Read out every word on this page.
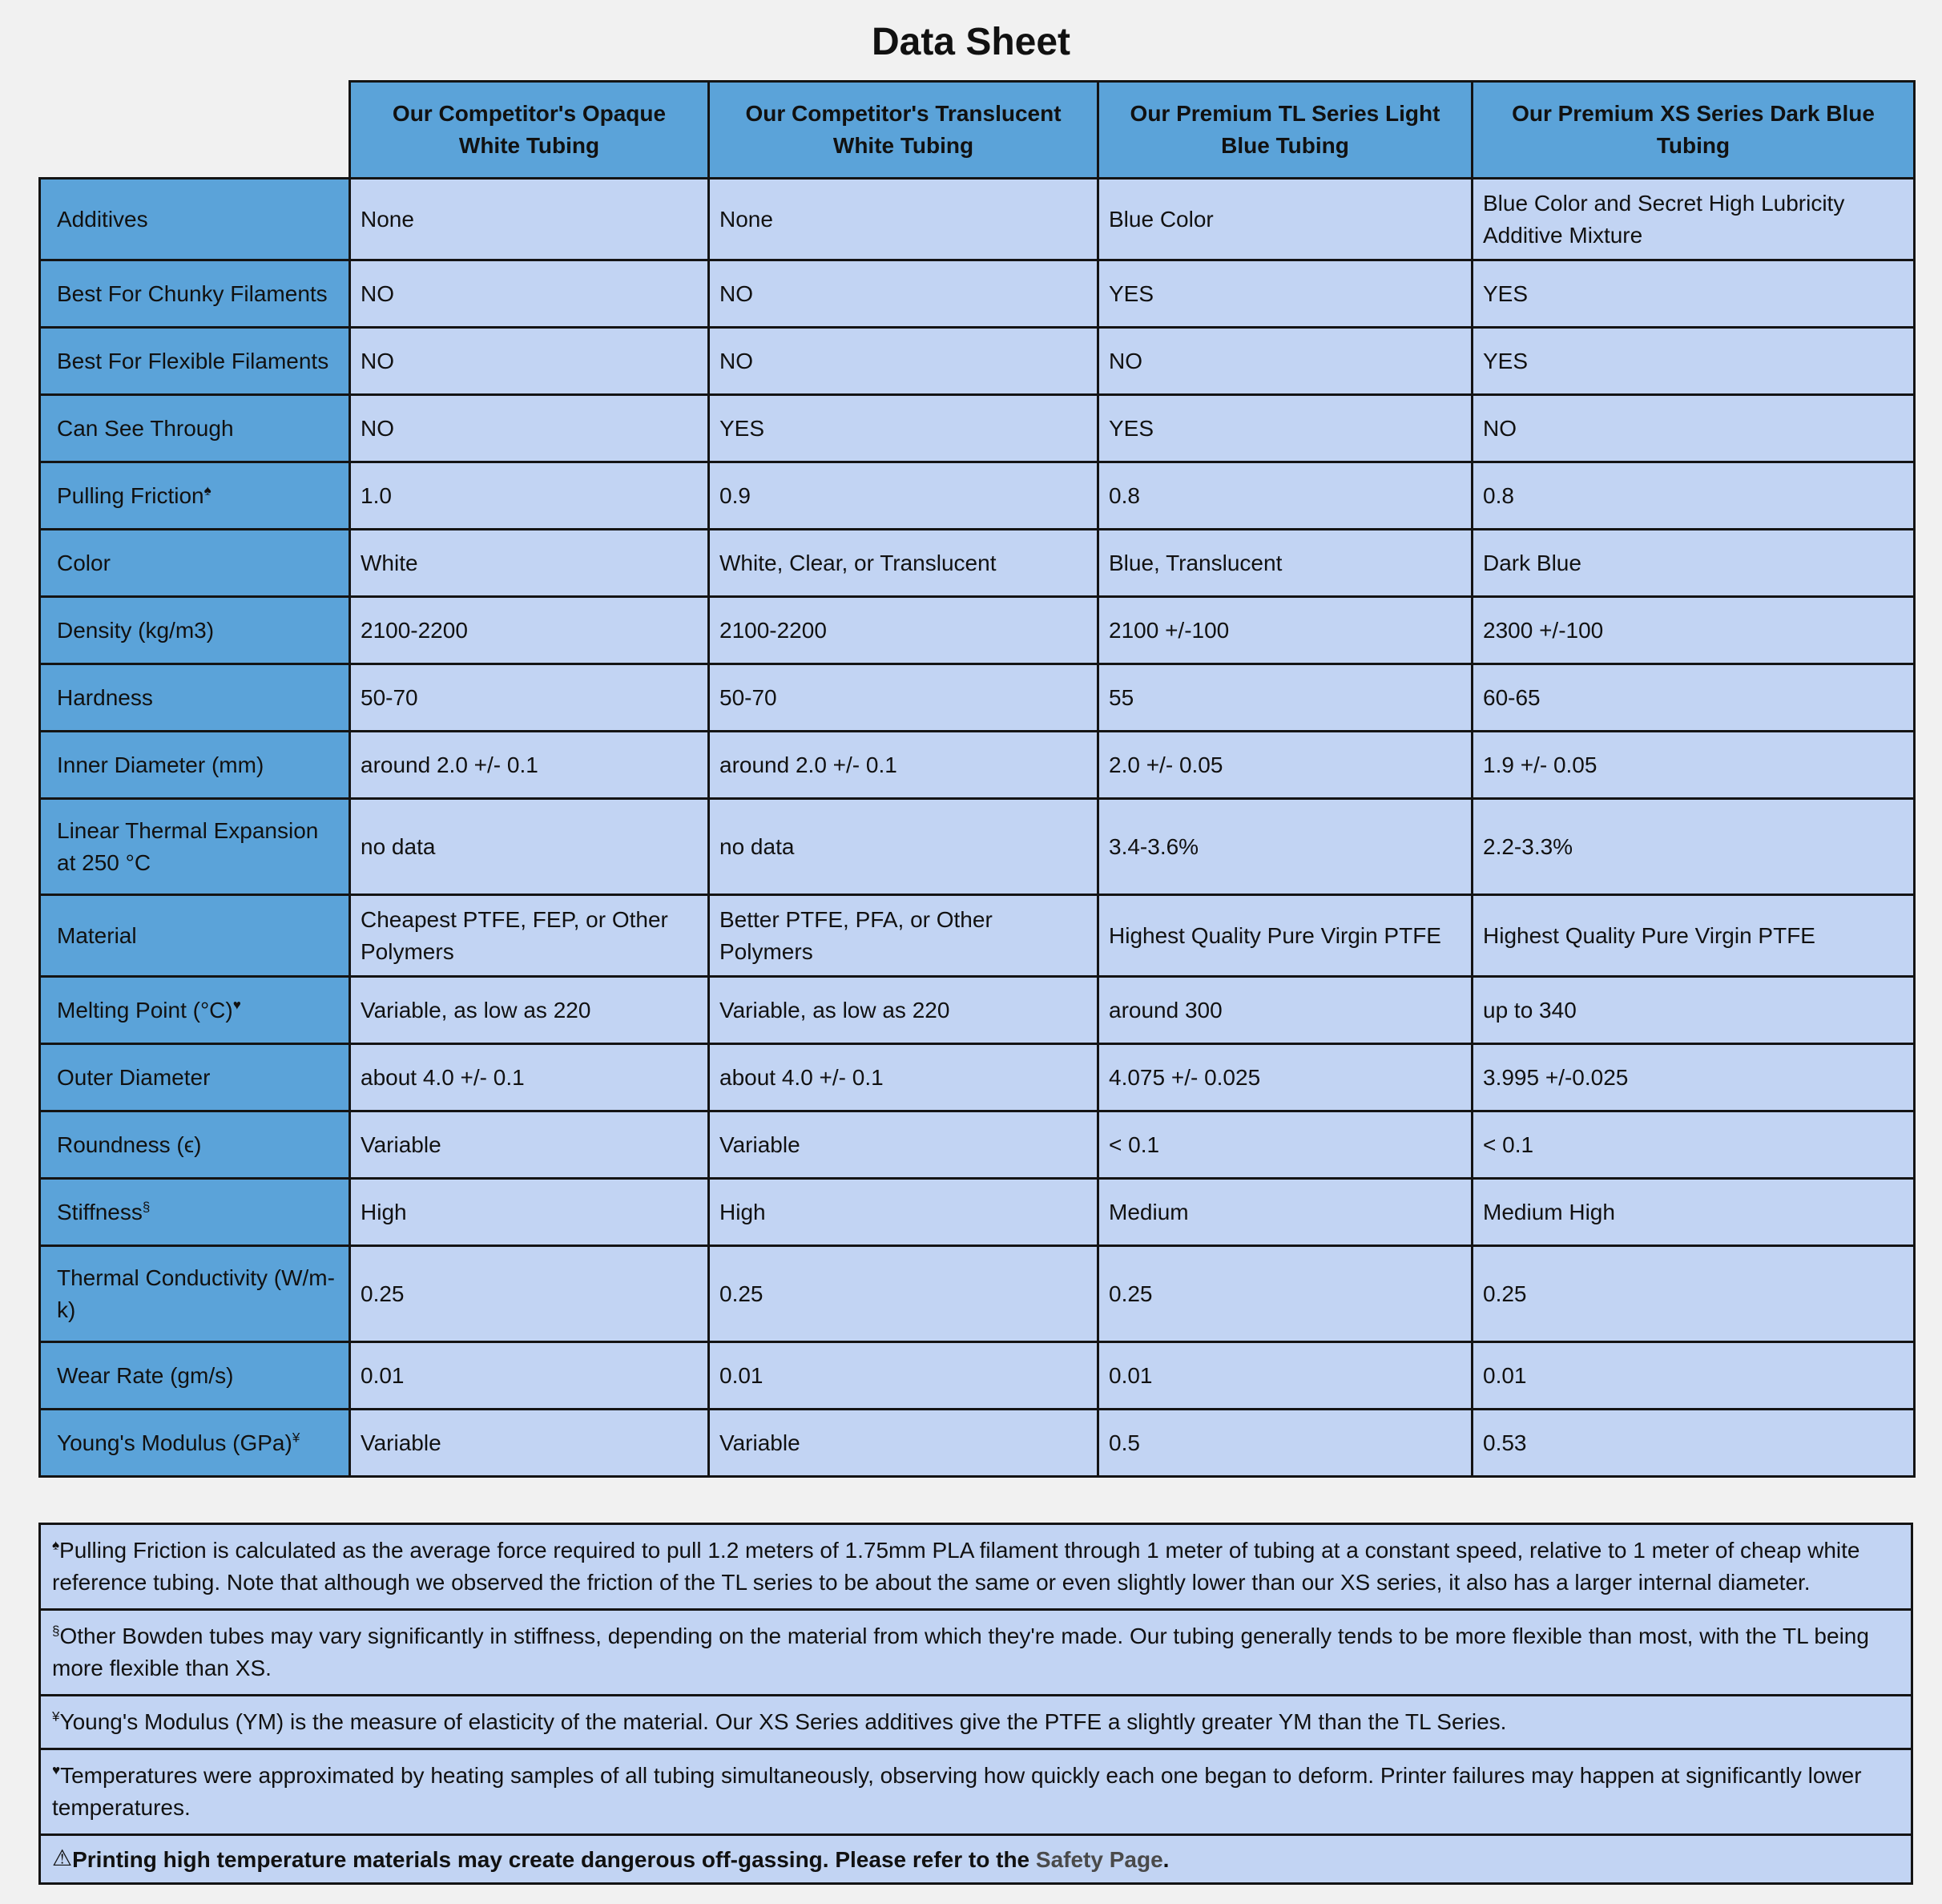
Data Sheet
	Our Competitor's Opaque White Tubing	Our Competitor's Translucent White Tubing	Our Premium TL Series Light Blue Tubing	Our Premium XS Series Dark Blue Tubing
Additives	None	None	Blue Color	Blue Color and Secret High Lubricity Additive Mixture
Best For Chunky Filaments	NO	NO	YES	YES
Best For Flexible Filaments	NO	NO	NO	YES
Can See Through	NO	YES	YES	NO
Pulling Friction♠	1.0	0.9	0.8	0.8
Color	White	White, Clear, or Translucent	Blue, Translucent	Dark Blue
Density (kg/m3)	2100-2200	2100-2200	2100 +/-100	2300 +/-100
Hardness	50-70	50-70	55	60-65
Inner Diameter (mm)	around 2.0 +/- 0.1	around 2.0 +/- 0.1	2.0 +/- 0.05	1.9 +/- 0.05
Linear Thermal Expansion at 250 °C	no data	no data	3.4-3.6%	2.2-3.3%
Material	Cheapest PTFE, FEP, or Other Polymers	Better PTFE, PFA, or Other Polymers	Highest Quality Pure Virgin PTFE	Highest Quality Pure Virgin PTFE
Melting Point (°C)♥	Variable, as low as 220	Variable, as low as 220	around 300	up to 340
Outer Diameter	about 4.0 +/- 0.1	about 4.0 +/- 0.1	4.075 +/- 0.025	3.995 +/-0.025
Roundness (ϵ)	Variable	Variable	< 0.1	< 0.1
Stiffness§	High	High	Medium	Medium High
Thermal Conductivity (W/m-k)	0.25	0.25	0.25	0.25
Wear Rate (gm/s)	0.01	0.01	0.01	0.01
Young's Modulus (GPa)¥	Variable	Variable	0.5	0.53
♠Pulling Friction is calculated as the average force required to pull 1.2 meters of 1.75mm PLA filament through 1 meter of tubing at a constant speed, relative to 1 meter of cheap white reference tubing. Note that although we observed the friction of the TL series to be about the same or even slightly lower than our XS series, it also has a larger internal diameter.
§Other Bowden tubes may vary significantly in stiffness, depending on the material from which they're made. Our tubing generally tends to be more flexible than most, with the TL being more flexible than XS.
¥Young's Modulus (YM) is the measure of elasticity of the material. Our XS Series additives give the PTFE a slightly greater YM than the TL Series.
♥Temperatures were approximated by heating samples of all tubing simultaneously, observing how quickly each one began to deform. Printer failures may happen at significantly lower temperatures.
⚠Printing high temperature materials may create dangerous off-gassing. Please refer to the Safety Page.
